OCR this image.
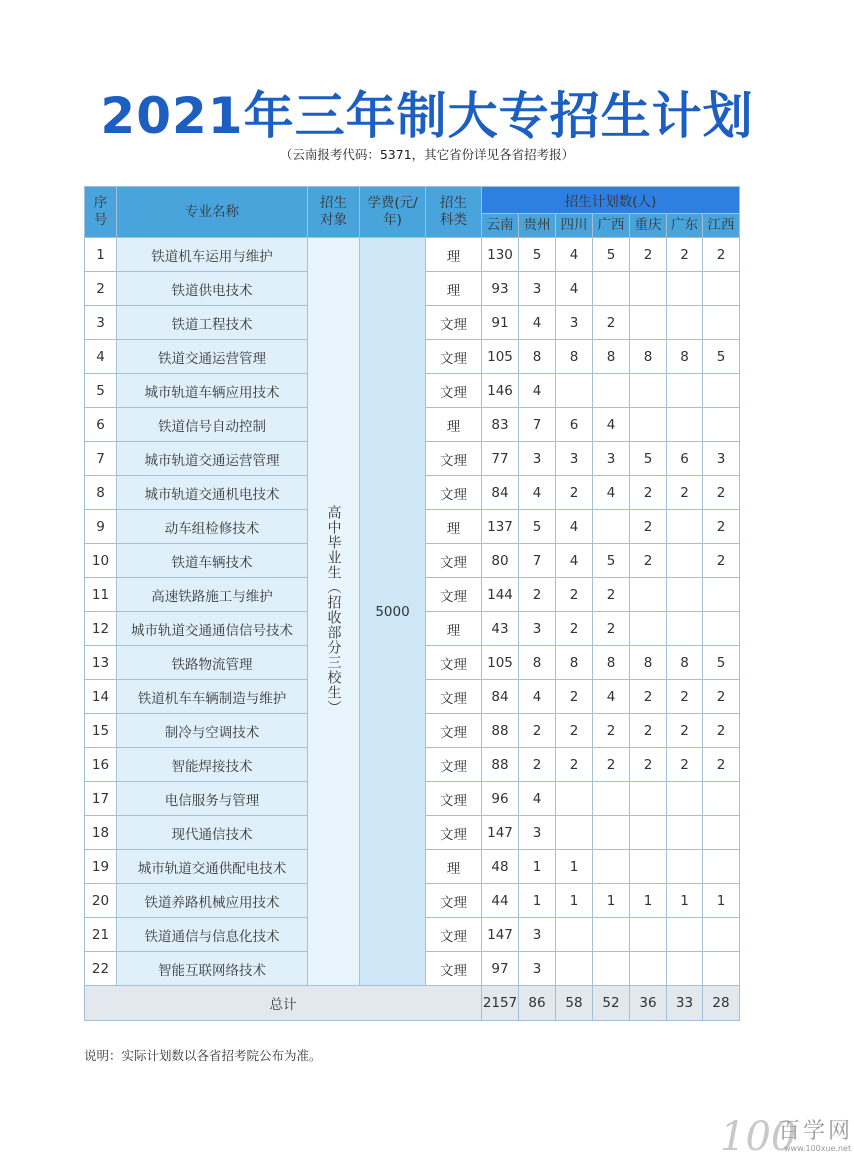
2021年三年制大专招生计划
（云南报考代码：5371，其它省份详见各省招考报）
序号	专业名称	招生对象	学费(元/年)	招生科类	招生计划数(人)						
					云南	贵州	四川	广西	重庆	广东	江西
1	铁道机车运用与维护	高中毕业生（招收部分三校生）	5000	理	130	5	4	5	2	2	2
2	铁道供电技术			理	93	3	4				
3	铁道工程技术			文理	91	4	3	2			
4	铁道交通运营管理			文理	105	8	8	8	8	8	5
5	城市轨道车辆应用技术			文理	146	4					
6	铁道信号自动控制			理	83	7	6	4			
7	城市轨道交通运营管理			文理	77	3	3	3	5	6	3
8	城市轨道交通机电技术			文理	84	4	2	4	2	2	2
9	动车组检修技术			理	137	5	4		2		2
10	铁道车辆技术			文理	80	7	4	5	2		2
11	高速铁路施工与维护			文理	144	2	2	2			
12	城市轨道交通通信信号技术			理	43	3	2	2			
13	铁路物流管理			文理	105	8	8	8	8	8	5
14	铁道机车车辆制造与维护			文理	84	4	2	4	2	2	2
15	制冷与空调技术			文理	88	2	2	2	2	2	2
16	智能焊接技术			文理	88	2	2	2	2	2	2
17	电信服务与管理			文理	96	4					
18	现代通信技术			文理	147	3					
19	城市轨道交通供配电技术			理	48	1	1				
20	铁道养路机械应用技术			文理	44	1	1	1	1	1	1
21	铁道通信与信息化技术			文理	147	3					
22	智能互联网络技术			文理	97	3					
总计					2157	86	58	52	36	33	28
说明：实际计划数以各省招考院公布为准。
100
百学网
www.100xue.net
